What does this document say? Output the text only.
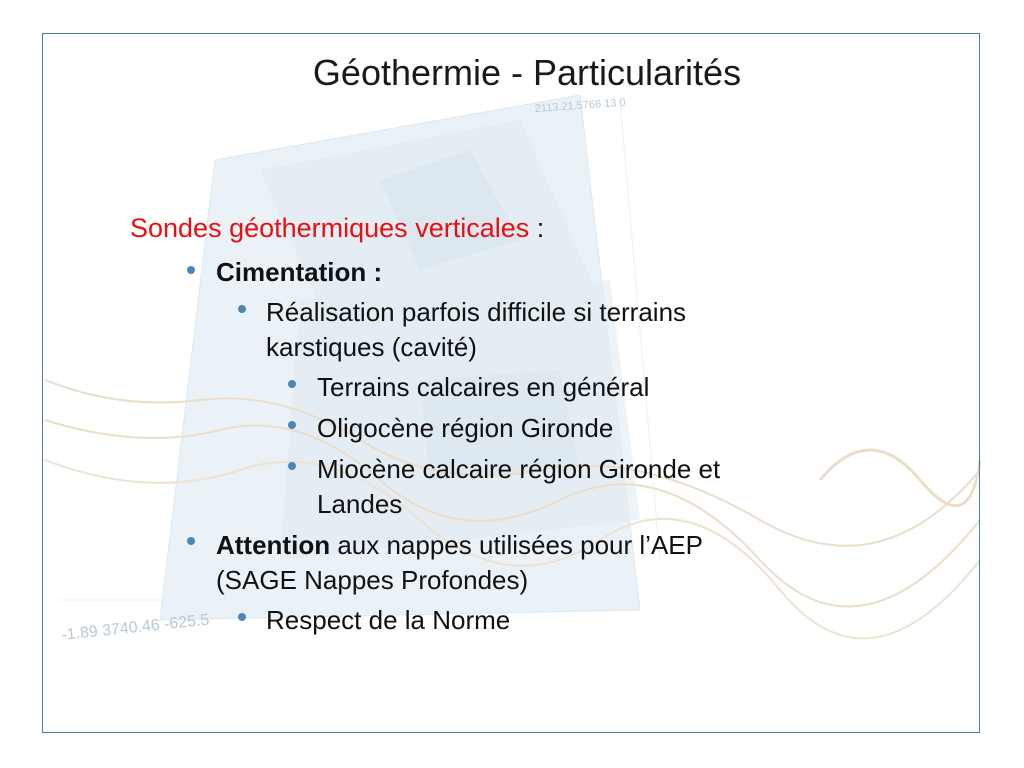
2113.21.5766 13 0
-1.89 3740.46 -625.5
Géothermie - Particularités
Sondes géothermiques verticales :
Cimentation :
Réalisation parfois difficile si terrains
karstiques (cavité)
Terrains calcaires en général
Oligocène région Gironde
Miocène calcaire région Gironde et
Landes
Attention aux nappes utilisées pour l’AEP
(SAGE Nappes Profondes)
Respect de la Norme
